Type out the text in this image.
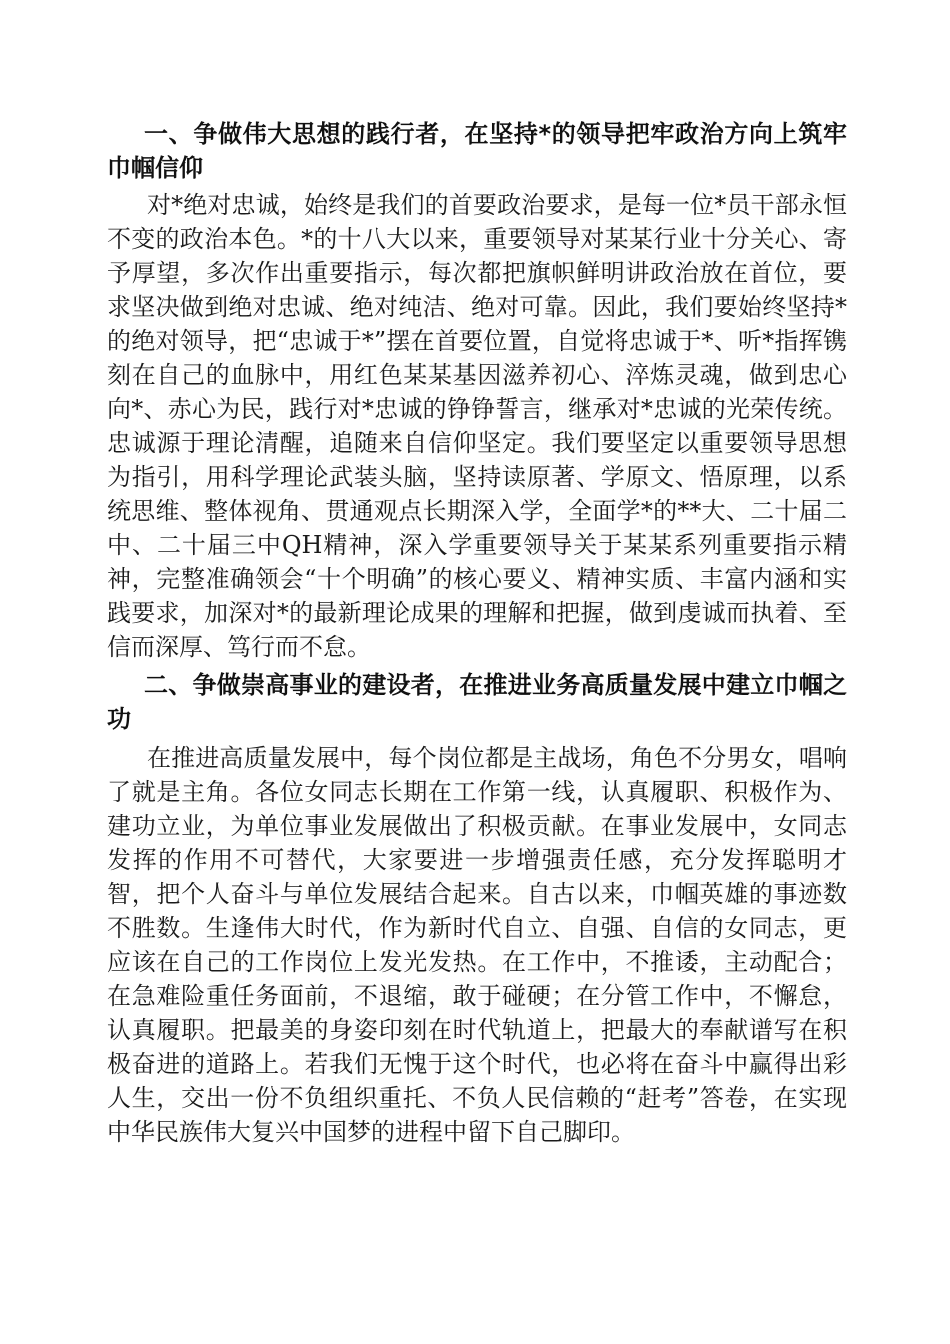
一、争做伟大思想的践行者，在坚持*的领导把牢政治方向上筑牢巾帼信仰

对*绝对忠诚，始终是我们的首要政治要求，是每一位*员干部永恒不变的政治本色。*的十八大以来，重要领导对某某行业十分关心、寄予厚望，多次作出重要指示，每次都把旗帜鲜明讲政治放在首位，要求坚决做到绝对忠诚、绝对纯洁、绝对可靠。因此，我们要始终坚持*的绝对领导，把“忠诚于*”摆在首要位置，自觉将忠诚于*、听*指挥镌刻在自己的血脉中，用红色某某基因滋养初心、淬炼灵魂，做到忠心向*、赤心为民，践行对*忠诚的铮铮誓言，继承对*忠诚的光荣传统。忠诚源于理论清醒，追随来自信仰坚定。我们要坚定以重要领导思想为指引，用科学理论武装头脑，坚持读原著、学原文、悟原理，以系统思维、整体视角、贯通观点长期深入学，全面学*的**大、二十届二中、二十届三中QH精神，深入学重要领导关于某某系列重要指示精神，完整准确领会“十个明确”的核心要义、精神实质、丰富内涵和实践要求，加深对*的最新理论成果的理解和把握，做到虔诚而执着、至信而深厚、笃行而不怠。

二、争做崇高事业的建设者，在推进业务高质量发展中建立巾帼之功

在推进高质量发展中，每个岗位都是主战场，角色不分男女，唱响了就是主角。各位女同志长期在工作第一线，认真履职、积极作为、建功立业，为单位事业发展做出了积极贡献。在事业发展中，女同志发挥的作用不可替代，大家要进一步增强责任感，充分发挥聪明才智，把个人奋斗与单位发展结合起来。自古以来，巾帼英雄的事迹数不胜数。生逢伟大时代，作为新时代自立、自强、自信的女同志，更应该在自己的工作岗位上发光发热。在工作中，不推诿，主动配合；在急难险重任务面前，不退缩，敢于碰硬；在分管工作中，不懈怠，认真履职。把最美的身姿印刻在时代轨道上，把最大的奉献谱写在积极奋进的道路上。若我们无愧于这个时代，也必将在奋斗中赢得出彩人生，交出一份不负组织重托、不负人民信赖的“赶考”答卷，在实现中华民族伟大复兴中国梦的进程中留下自己脚印。
